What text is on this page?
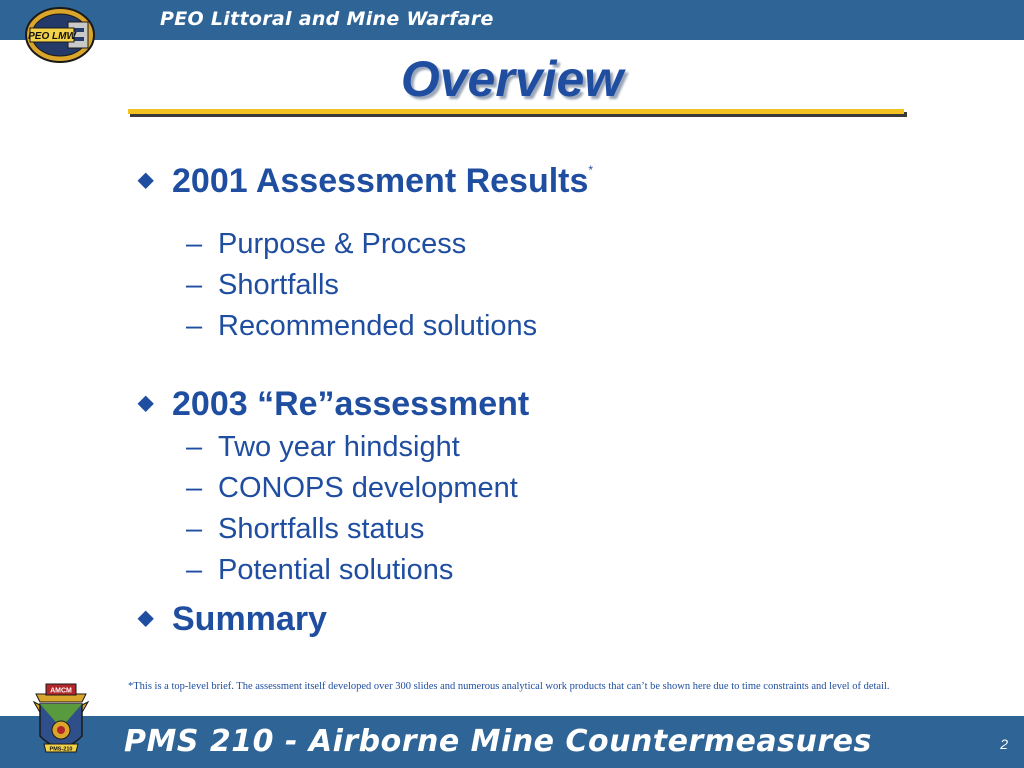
PEO Littoral and Mine Warfare
PEO LMW
Overview
◆ 2001 Assessment Results*
– Purpose & Process
– Shortfalls
– Recommended solutions
◆ 2003 “Re”assessment
– Two year hindsight
– CONOPS development
– Shortfalls status
– Potential solutions
◆ Summary
*This is a top-level brief. The assessment itself developed over 300 slides and numerous analytical work products that can’t be shown here due to time constraints and level of detail.
PMS 210 - Airborne Mine Countermeasures	2
AMCM
PMS-210
